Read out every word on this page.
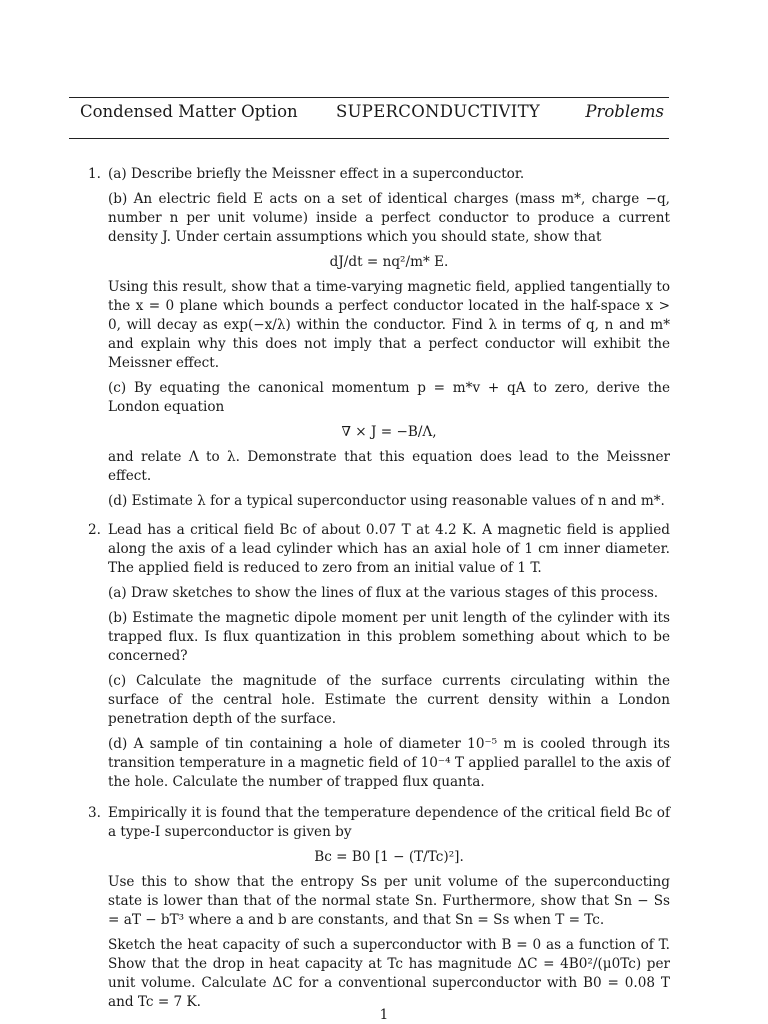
Condensed Matter Option SUPERCONDUCTIVITY	Problems
1. (a) Describe briefly the Meissner effect in a superconductor.

(b) An electric field E acts on a set of identical charges (mass m*, charge −q, number n per unit volume) inside a perfect conductor to produce a current density J. Under certain assumptions which you should state, show that

dJ/dt = nq²/m* E.

Using this result, show that a time-varying magnetic field, applied tangentially to the x = 0 plane which bounds a perfect conductor located in the half-space x > 0, will decay as exp(−x/λ) within the conductor. Find λ in terms of q, n and m* and explain why this does not imply that a perfect conductor will exhibit the Meissner effect.

(c) By equating the canonical momentum p = m*v + qA to zero, derive the London equation

∇ × J = −B/Λ,

and relate Λ to λ. Demonstrate that this equation does lead to the Meissner effect.

(d) Estimate λ for a typical superconductor using reasonable values of n and m*.

2. Lead has a critical field Bc of about 0.07 T at 4.2 K. A magnetic field is applied along the axis of a lead cylinder which has an axial hole of 1 cm inner diameter. The applied field is reduced to zero from an initial value of 1 T.

(a) Draw sketches to show the lines of flux at the various stages of this process.

(b) Estimate the magnetic dipole moment per unit length of the cylinder with its trapped flux. Is flux quantization in this problem something about which to be concerned?

(c) Calculate the magnitude of the surface currents circulating within the surface of the central hole. Estimate the current density within a London penetration depth of the surface.

(d) A sample of tin containing a hole of diameter 10⁻⁵ m is cooled through its transition temperature in a magnetic field of 10⁻⁴ T applied parallel to the axis of the hole. Calculate the number of trapped flux quanta.

3. Empirically it is found that the temperature dependence of the critical field Bc of a type-I superconductor is given by

Bc = B0 [1 − (T/Tc)²].

Use this to show that the entropy Ss per unit volume of the superconducting state is lower than that of the normal state Sn. Furthermore, show that Sn − Ss = aT − bT³ where a and b are constants, and that Sn = Ss when T = Tc.

Sketch the heat capacity of such a superconductor with B = 0 as a function of T. Show that the drop in heat capacity at Tc has magnitude ΔC = 4B0²/(μ0Tc) per unit volume. Calculate ΔC for a conventional superconductor with B0 = 0.08 T and Tc = 7 K.

1
